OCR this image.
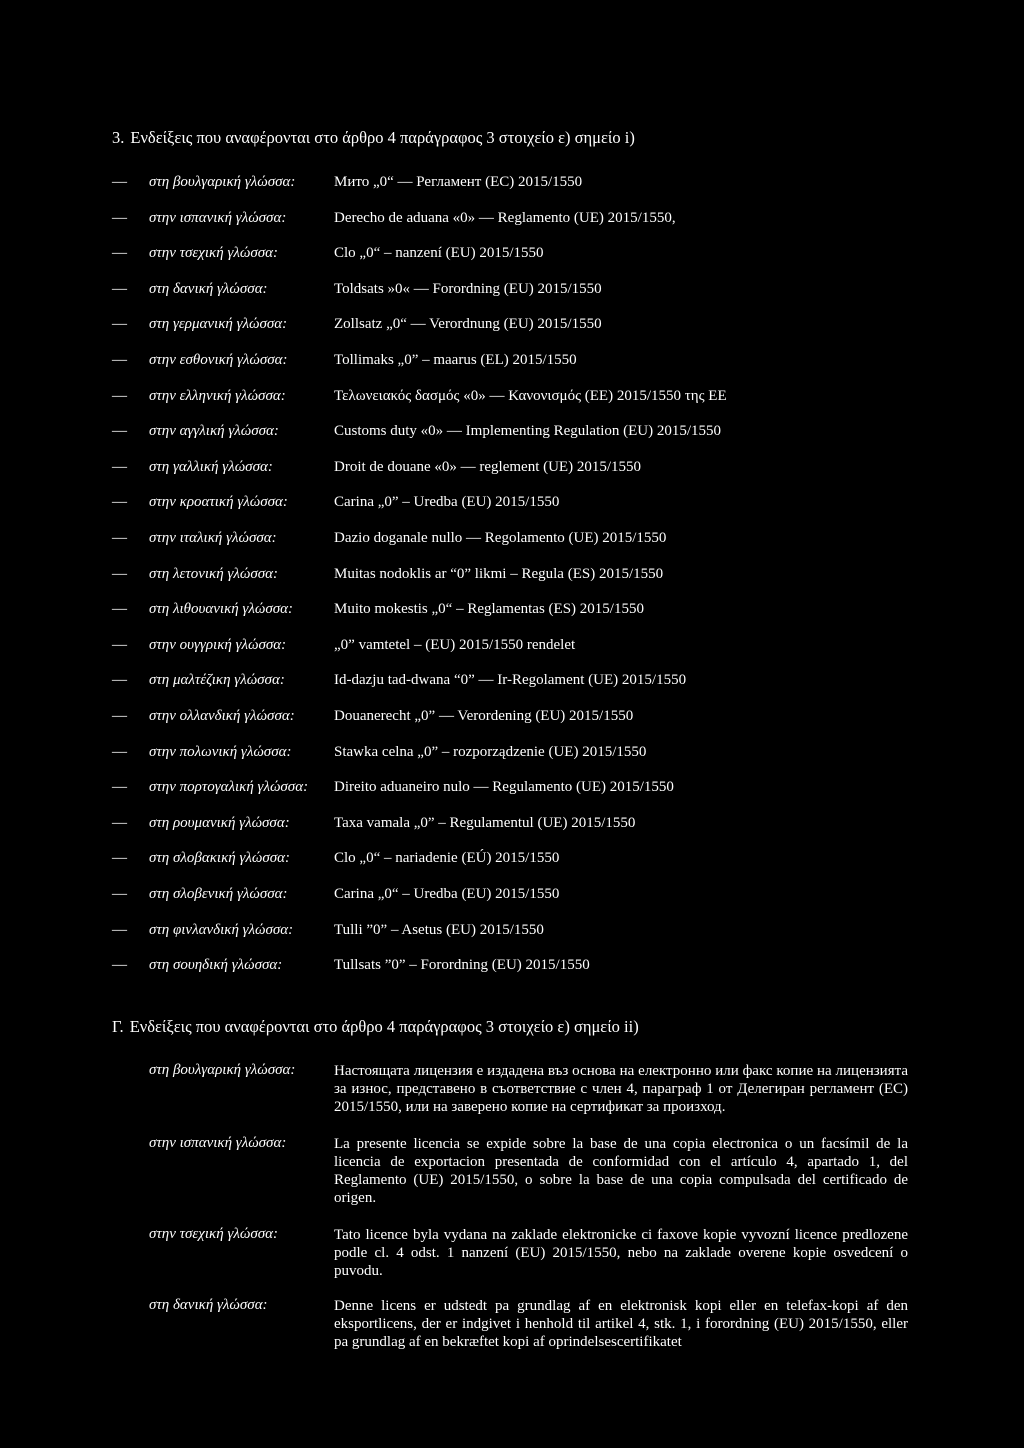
3. Ενδείξεις που αναφέρονται στο άρθρο 4 παράγραφος 3 στοιχείο ε) σημείο i)
— στη βουλγαρική γλώσσα:	Мито „0“ — Регламент (ЕС) 2015/1550
— στην ισπανική γλώσσα:	Derecho de aduana «0» — Reglamento (UE) 2015/1550,
— στην τσεχική γλώσσα:	Clo „0“ – nanzení (EU) 2015/1550
— στη δανική γλώσσα:	Toldsats »0« — Forordning (EU) 2015/1550
— στη γερμανική γλώσσα:	Zollsatz „0“ — Verordnung (EU) 2015/1550
— στην εσθονική γλώσσα:	Tollimaks „0” – maarus (EL) 2015/1550
— στην ελληνική γλώσσα:	Τελωνειακός δασμός «0» — Κανονισμός (ΕΕ) 2015/1550 της ΕΕ
— στην αγγλική γλώσσα:	Customs duty «0» — Implementing Regulation (EU) 2015/1550
— στη γαλλική γλώσσα:	Droit de douane «0» — reglement (UE) 2015/1550
— στην κροατική γλώσσα:	Carina „0” – Uredba (EU) 2015/1550
— στην ιταλική γλώσσα:	Dazio doganale nullo — Regolamento (UE) 2015/1550
— στη λετονική γλώσσα:	Muitas nodoklis ar “0” likmi – Regula (ES) 2015/1550
— στη λιθουανική γλώσσα:	Muito mokestis „0“ – Reglamentas (ES) 2015/1550
— στην ουγγρική γλώσσα:	„0” vamtetel – (EU) 2015/1550 rendelet
— στη μαλτέζικη γλώσσα:	Id-dazju tad-dwana “0” — Ir-Regolament (UE) 2015/1550
— στην ολλανδική γλώσσα:	Douanerecht „0” — Verordening (EU) 2015/1550
— στην πολωνική γλώσσα:	Stawka celna „0” – rozporządzenie (UE) 2015/1550
— στην πορτογαλική γλώσσα: Direito aduaneiro nulo — Regulamento (UE) 2015/1550
— στη ρουμανική γλώσσα:	Taxa vamala „0” – Regulamentul (UE) 2015/1550
— στη σλοβακική γλώσσα:	Clo „0“ – nariadenie (EÚ) 2015/1550
— στη σλοβενική γλώσσα:	Carina „0“ – Uredba (EU) 2015/1550
— στη φινλανδική γλώσσα:	Tulli ”0” – Asetus (EU) 2015/1550
— στη σουηδική γλώσσα:	Tullsats ”0” – Forordning (EU) 2015/1550
Γ. Ενδείξεις που αναφέρονται στο άρθρο 4 παράγραφος 3 στοιχείο ε) σημείο ii)
στη βουλγαρική γλώσσα:	Настоящата лицензия е издадена въз основа на електронно или факс копие на лицензията за износ, представено в съответствие с член 4, параграф 1 от Делегиран регламент (ЕС) 2015/1550, или на заверено копие на сертификат за произход.
στην ισπανική γλώσσα:	La presente licencia se expide sobre la base de una copia electronica o un facsímil de la licencia de exportacion presentada de conformidad con el artículo 4, apartado 1, del Reglamento (UE) 2015/1550, o sobre la base de una copia compulsada del certificado de origen.
στην τσεχική γλώσσα:	Tato licence byla vydana na zaklade elektronicke ci faxove kopie vyvozní licence predlozene podle cl. 4 odst. 1 nanzení (EU) 2015/1550, nebo na zaklade overene kopie osvedcení o puvodu.
στη δανική γλώσσα:	Denne licens er udstedt pa grundlag af en elektronisk kopi eller en telefax-kopi af den eksportlicens, der er indgivet i henhold til artikel 4, stk. 1, i forordning (EU) 2015/1550, eller pa grundlag af en bekræftet kopi af oprindelsescertifikatet
